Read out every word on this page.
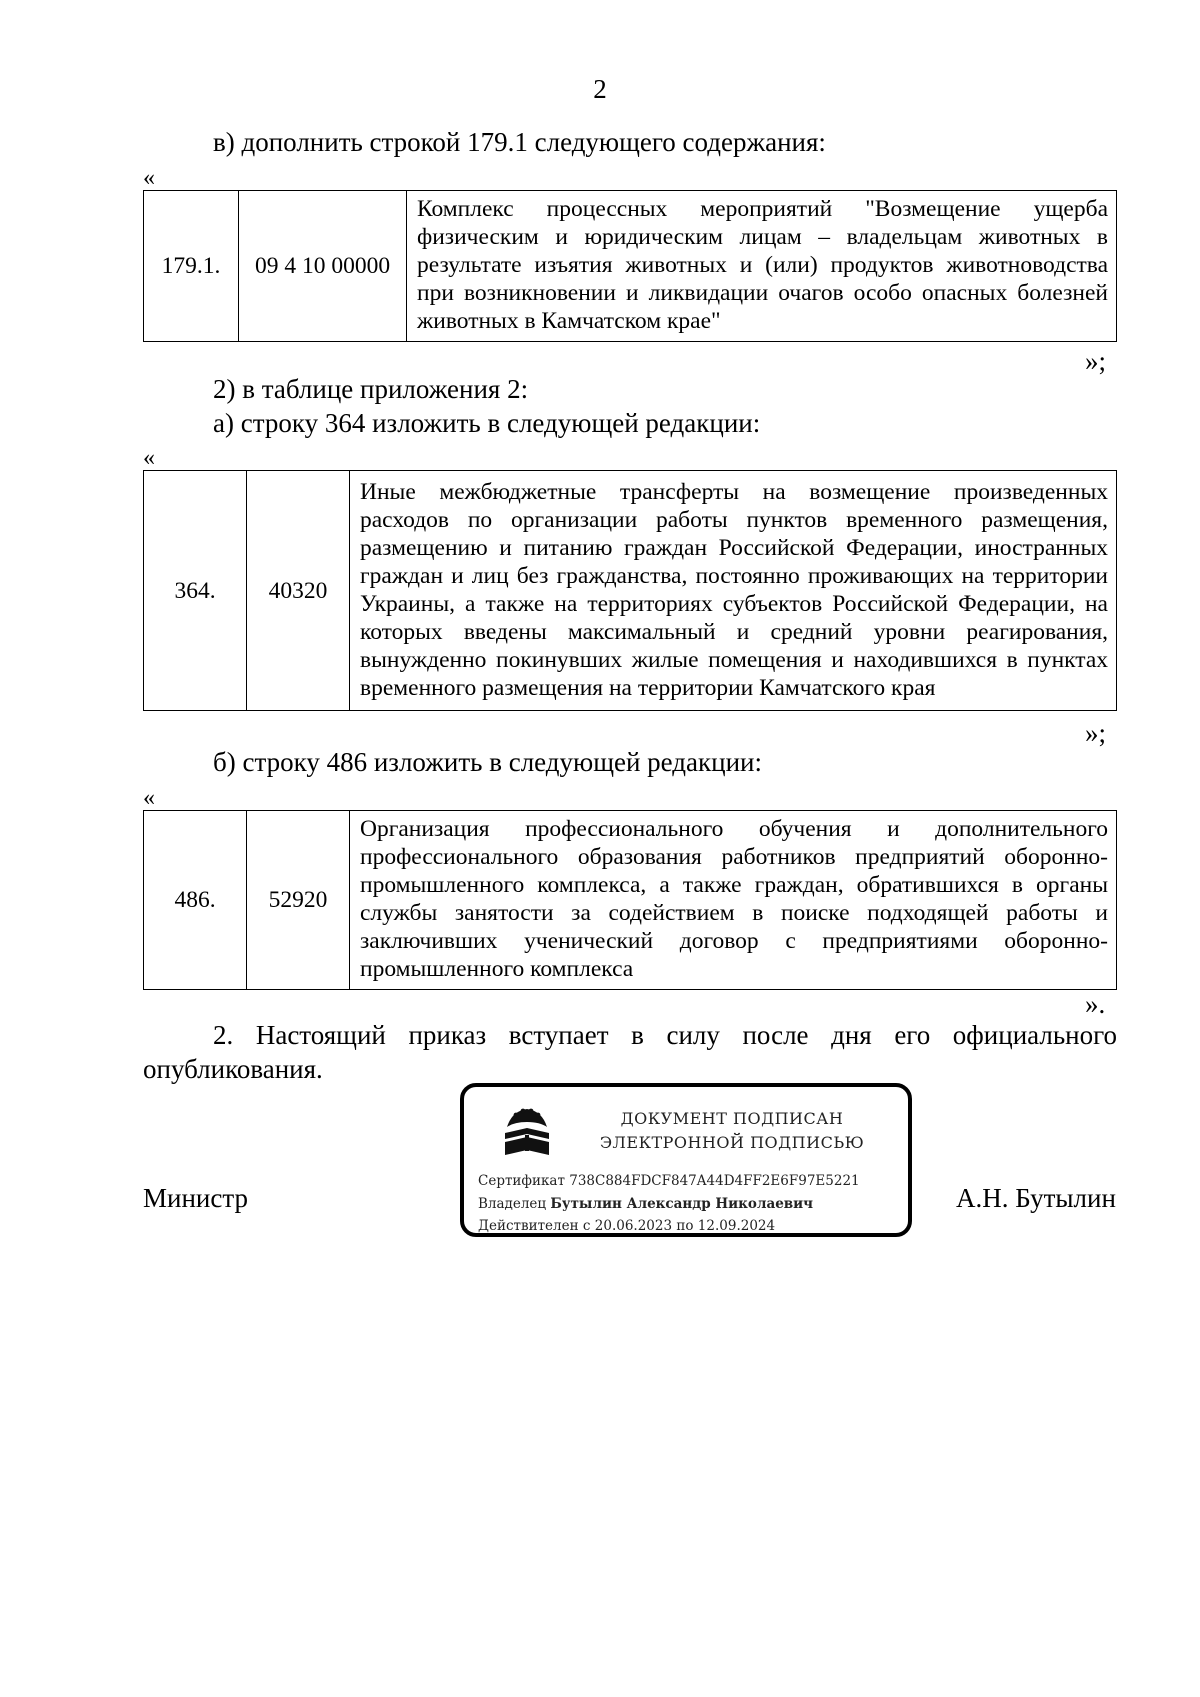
2
в) дополнить строкой 179.1 следующего содержания:
«
179.1.	09 4 10 00000	Комплекс процессных мероприятий "Возмещение ущерба физическим и юридическим лицам – владельцам животных в результате изъятия животных и (или) продуктов животноводства при возникновении и ликвидации очагов особо опасных болезней животных в Камчатском крае"
»;
2) в таблице приложения 2:
а) строку 364 изложить в следующей редакции:
«
364.	40320	Иные межбюджетные трансферты на возмещение произведенных расходов по организации работы пунктов временного размещения, размещению и питанию граждан Российской Федерации, иностранных граждан и лиц без гражданства, постоянно проживающих на территории Украины, а также на территориях субъектов Российской Федерации, на которых введены максимальный и средний уровни реагирования, вынужденно покинувших жилые помещения и находившихся в пунктах временного размещения на территории Камчатского края
»;
б) строку 486 изложить в следующей редакции:
«
486.	52920	Организация профессионального обучения и дополнительного профессионального образования работников предприятий оборонно-промышленного комплекса, а также граждан, обратившихся в органы службы занятости за содействием в поиске подходящей работы и заключивших ученический договор с предприятиями оборонно-промышленного комплекса
».
2. Настоящий приказ вступает в силу после дня его официального опубликования.
Министр	А.Н. Бутылин
ДОКУМЕНТ ПОДПИСАН
ЭЛЕКТРОННОЙ ПОДПИСЬЮ
Сертификат 738C884FDCF847A44D4FF2E6F97E5221
Владелец Бутылин Александр Николаевич
Действителен с 20.06.2023 по 12.09.2024
